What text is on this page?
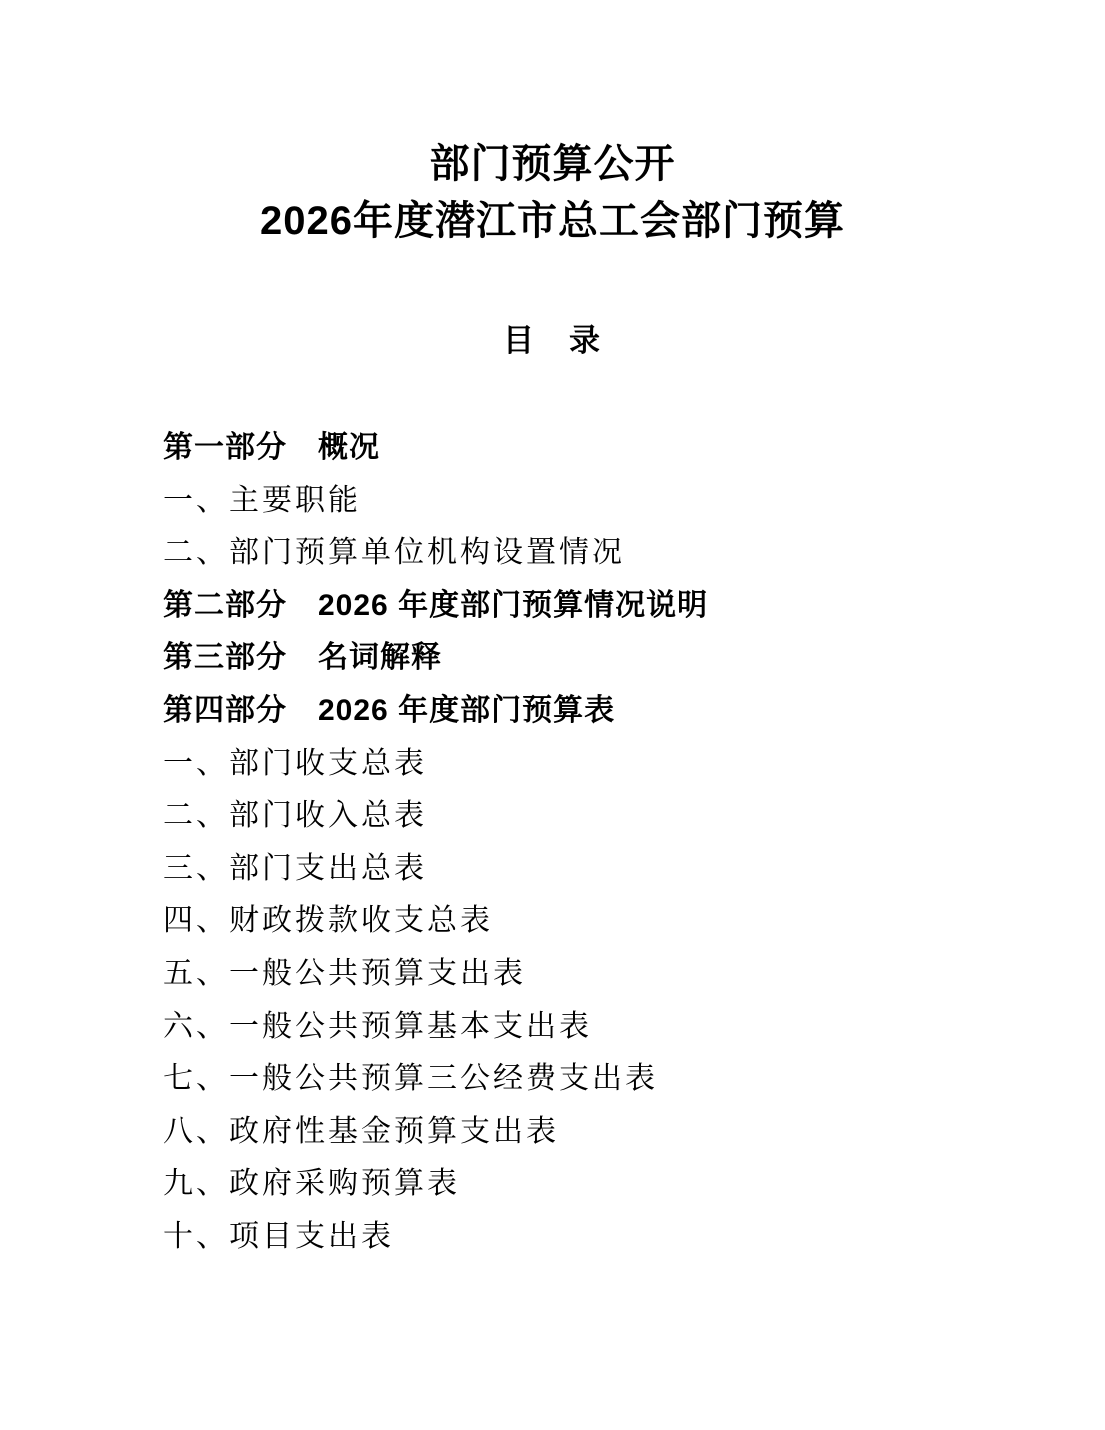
部门预算公开
2026年度潜江市总工会部门预算
目　录
第一部分　概况
一、主要职能
二、部门预算单位机构设置情况
第二部分　2026 年度部门预算情况说明
第三部分　名词解释
第四部分　2026 年度部门预算表
一、部门收支总表
二、部门收入总表
三、部门支出总表
四、财政拨款收支总表
五、一般公共预算支出表
六、一般公共预算基本支出表
七、一般公共预算三公经费支出表
八、政府性基金预算支出表
九、政府采购预算表
十、项目支出表
